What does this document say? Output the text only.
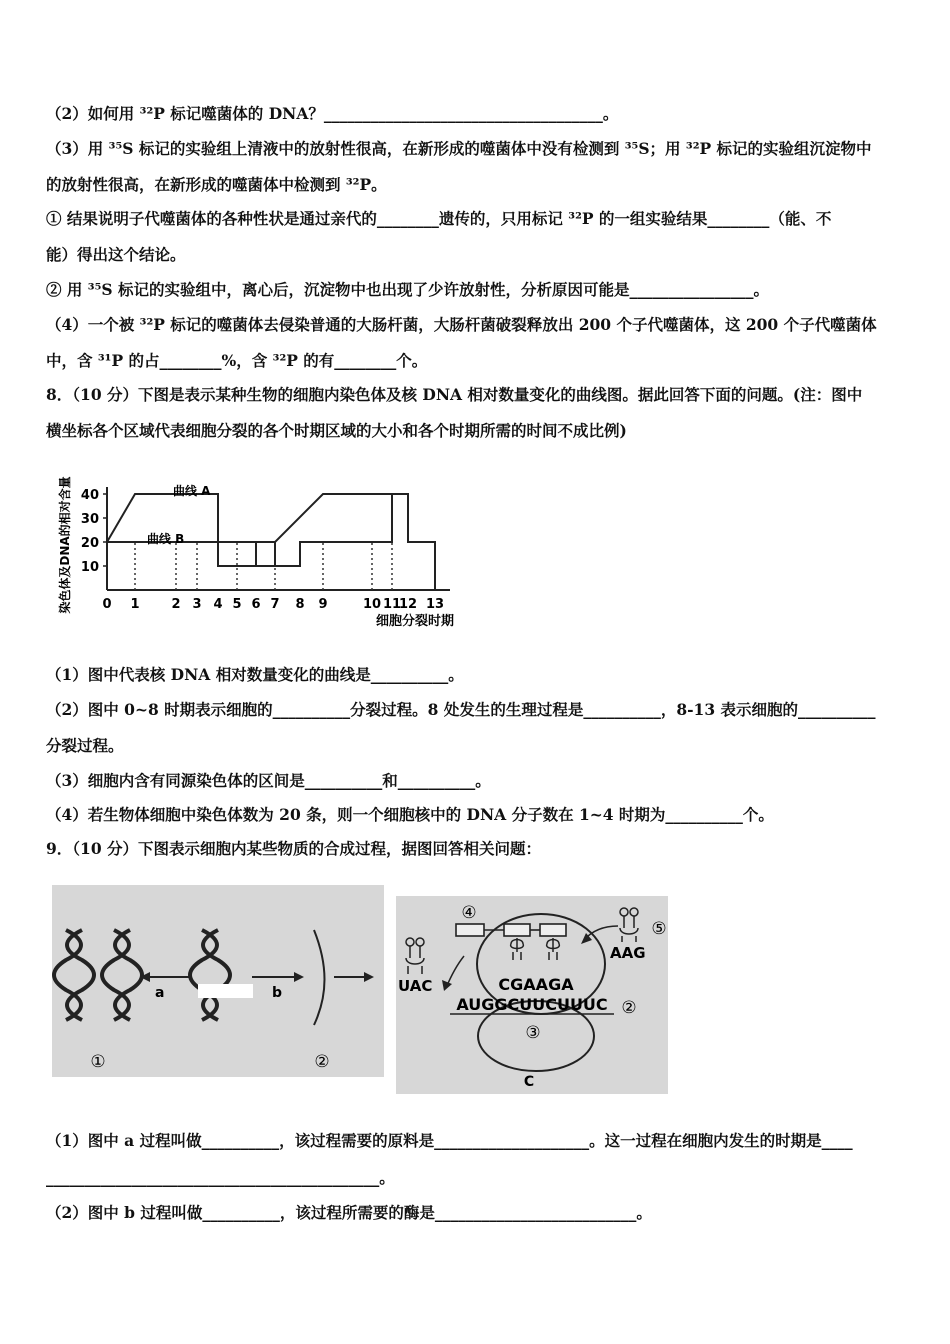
（2）如何用 ³²P 标记噬菌体的 DNA？____________________________________。
（3）用 ³⁵S 标记的实验组上清液中的放射性很高，在新形成的噬菌体中没有检测到 ³⁵S；用 ³²P 标记的实验组沉淀物中
的放射性很高，在新形成的噬菌体中检测到 ³²P。
① 结果说明子代噬菌体的各种性状是通过亲代的________遗传的，只用标记 ³²P 的一组实验结果________（能、不
能）得出这个结论。
② 用 ³⁵S 标记的实验组中，离心后，沉淀物中也出现了少许放射性，分析原因可能是________________。
（4）一个被 ³²P 标记的噬菌体去侵染普通的大肠杆菌，大肠杆菌破裂释放出 200 个子代噬菌体，这 200 个子代噬菌体
中，含 ³¹P 的占________%，含 ³²P 的有________个。
8．（10 分）下图是表示某种生物的细胞内染色体及核 DNA 相对数量变化的曲线图。据此回答下面的问题。(注：图中
横坐标各个区域代表细胞分裂的各个时期区域的大小和各个时期所需的时间不成比例)
染色体及DNA的相对含量 10
20
30
40
0 1 2 3 4 5 6 7 8 9	10 11
12 13
细胞分裂时期
曲线 A
曲线 B
（1）图中代表核 DNA 相对数量变化的曲线是__________。
（2）图中 0~8 时期表示细胞的__________分裂过程。8 处发生的生理过程是__________，8-13 表示细胞的__________
分裂过程。
（3）细胞内含有同源染色体的区间是__________和__________。
（4）若生物体细胞中染色体数为 20 条，则一个细胞核中的 DNA 分子数在 1~4 时期为__________个。
9．（10 分）下图表示细胞内某些物质的合成过程，据图回答相关问题：
a	b
①	②
④
UAC
⑤
AAG
CGAAGA
AUGGCUUCUUUC ②
③
C
（1）图中 a 过程叫做__________，该过程需要的原料是____________________。这一过程在细胞内发生的时期是____
___________________________________________。
（2）图中 b 过程叫做__________，该过程所需要的酶是__________________________。
